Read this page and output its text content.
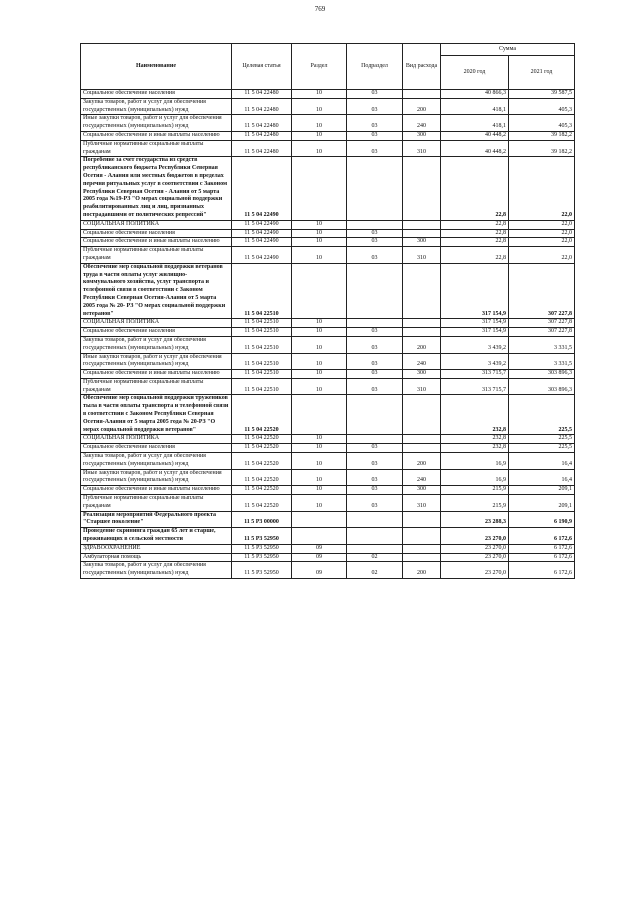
769
Наименование	Целевая статья	Раздел	Подраздел	Вид расхода	Сумма	
					2020 год	2021 год
Социальное обеспечение населения	11 5 04 22480	10	03		40 866,3	39 587,5
Закупка товаров, работ и услуг для обеспечения государственных (муниципальных) нужд	11 5 04 22480	10	03	200	418,1	405,3
Иные закупки товаров, работ и услуг для обеспечения государственных (муниципальных) нужд	11 5 04 22480	10	03	240	418,1	405,3
Социальное обеспечение и иные выплаты населению	11 5 04 22480	10	03	300	40 448,2	39 182,2
Публичные нормативные социальные выплаты гражданам	11 5 04 22480	10	03	310	40 448,2	39 182,2
Погребение за счет государства из средств республиканского бюджета Республики Северная Осетия - Алания или местных бюджетов в пределах перечня ритуальных услуг в соответствии с Законом Республики Северная Осетия - Алания от 5 марта 2005 года №19-РЗ "О мерах социальной поддержки реабилитированных лиц и лиц, признанных пострадавшими от политических репрессий"	11 5 04 22490				22,8	22,0
СОЦИАЛЬНАЯ ПОЛИТИКА	11 5 04 22490	10			22,8	22,0
Социальное обеспечение населения	11 5 04 22490	10	03		22,8	22,0
Социальное обеспечение и иные выплаты населению	11 5 04 22490	10	03	300	22,8	22,0
Публичные нормативные социальные выплаты гражданам	11 5 04 22490	10	03	310	22,8	22,0
Обеспечение мер социальной поддержки ветеранов труда в части оплаты услуг жилищно-коммунального хозяйства, услуг транспорта и телефонной связи в соответствии с Законом Республики Северная Осетия-Алания от 5 марта 2005 года № 20- РЗ "О мерах социальной поддержки ветеранов"	11 5 04 22510				317 154,9	307 227,8
СОЦИАЛЬНАЯ ПОЛИТИКА	11 5 04 22510	10			317 154,9	307 227,8
Социальное обеспечение населения	11 5 04 22510	10	03		317 154,9	307 227,8
Закупка товаров, работ и услуг для обеспечения государственных (муниципальных) нужд	11 5 04 22510	10	03	200	3 439,2	3 331,5
Иные закупки товаров, работ и услуг для обеспечения государственных (муниципальных) нужд	11 5 04 22510	10	03	240	3 439,2	3 331,5
Социальное обеспечение и иные выплаты населению	11 5 04 22510	10	03	300	313 715,7	303 896,3
Публичные нормативные социальные выплаты гражданам	11 5 04 22510	10	03	310	313 715,7	303 896,3
Обеспечение мер социальной поддержки тружеников тыла в части оплаты транспорта и телефонной связи в соответствии с Законом Республики Северная Осетия-Алания от 5 марта 2005 года № 20-РЗ "О мерах социальной поддержки ветеранов"	11 5 04 22520				232,8	225,5
СОЦИАЛЬНАЯ ПОЛИТИКА	11 5 04 22520	10			232,8	225,5
Социальное обеспечение населения	11 5 04 22520	10	03		232,8	225,5
Закупка товаров, работ и услуг для обеспечения государственных (муниципальных) нужд	11 5 04 22520	10	03	200	16,9	16,4
Иные закупки товаров, работ и услуг для обеспечения государственных (муниципальных) нужд	11 5 04 22520	10	03	240	16,9	16,4
Социальное обеспечение и иные выплаты населению	11 5 04 22520	10	03	300	215,9	209,1
Публичные нормативные социальные выплаты гражданам	11 5 04 22520	10	03	310	215,9	209,1
Реализация мероприятий Федерального проекта "Старшее поколение"	11 5 P3 00000				23 288,3	6 190,9
Проведение скрининга граждан 65 лет и старше, проживающих в сельской местности	11 5 P3 52950				23 270,0	6 172,6
ЗДРАВООХРАНЕНИЕ	11 5 P3 52950	09			23 270,0	6 172,6
Амбулаторная помощь	11 5 P3 52950	09	02		23 270,0	6 172,6
Закупка товаров, работ и услуг для обеспечения государственных (муниципальных) нужд	11 5 P3 52950	09	02	200	23 270,0	6 172,6
